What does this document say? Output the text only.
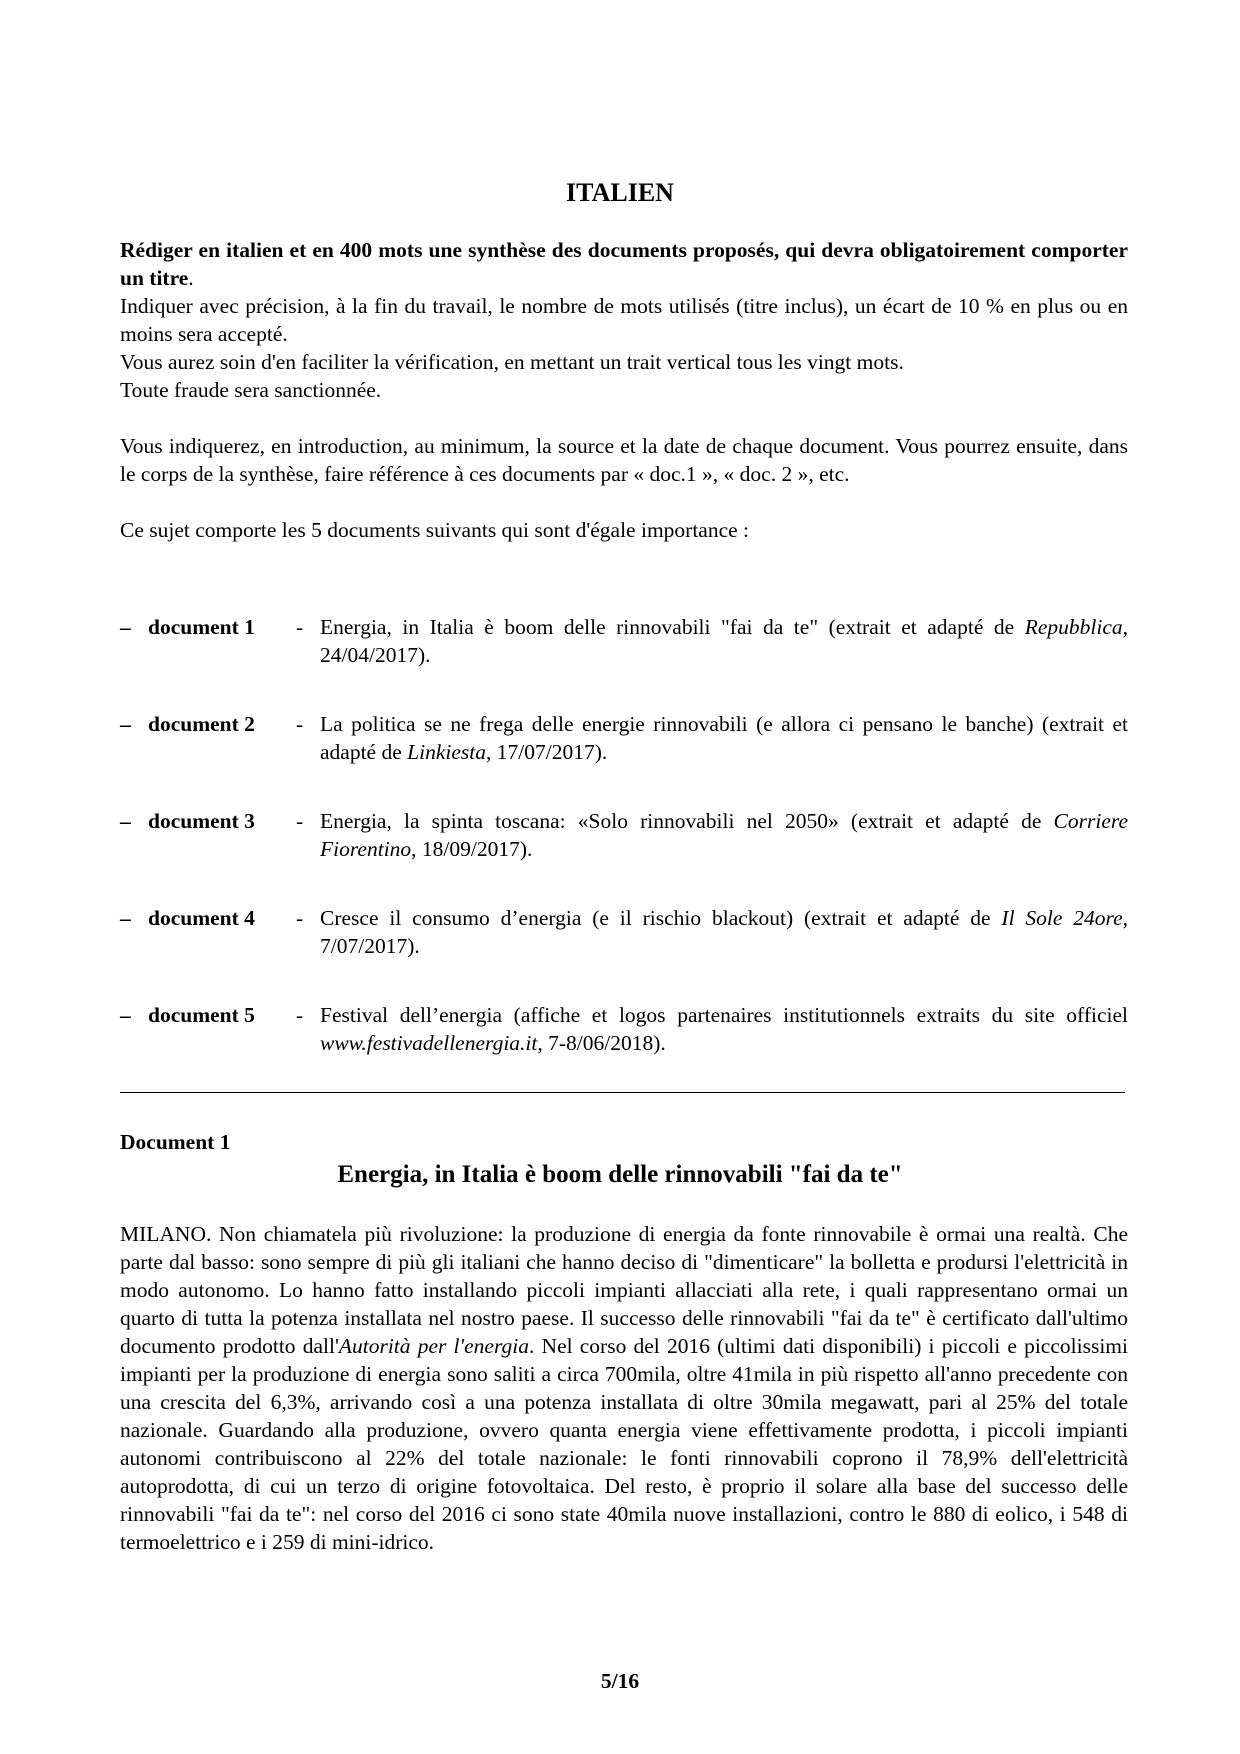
ITALIEN

Rédiger en italien et en 400 mots une synthèse des documents proposés, qui devra obligatoirement comporter un titre.

Indiquer avec précision, à la fin du travail, le nombre de mots utilisés (titre inclus), un écart de 10 % en plus ou en moins sera accepté.

Vous aurez soin d'en faciliter la vérification, en mettant un trait vertical tous les vingt mots.

Toute fraude sera sanctionnée.

Vous indiquerez, en introduction, au minimum, la source et la date de chaque document. Vous pourrez ensuite, dans le corps de la synthèse, faire référence à ces documents par « doc.1 », « doc. 2 », etc.

Ce sujet comporte les 5 documents suivants qui sont d'égale importance :

– document 1	- Energia, in Italia è boom delle rinnovabili "fai da te" (extrait et adapté de Repubblica, 24/04/2017).
– document 2	- La politica se ne frega delle energie rinnovabili (e allora ci pensano le banche) (extrait et adapté de Linkiesta, 17/07/2017).
– document 3	- Energia, la spinta toscana: «Solo rinnovabili nel 2050» (extrait et adapté de Corriere Fiorentino, 18/09/2017).
– document 4	- Cresce il consumo d’energia (e il rischio blackout) (extrait et adapté de Il Sole 24ore, 7/07/2017).
– document 5	- Festival dell’energia (affiche et logos partenaires institutionnels extraits du site officiel www.festivadellenergia.it, 7-8/06/2018).

Document 1

Energia, in Italia è boom delle rinnovabili "fai da te"

MILANO. Non chiamatela più rivoluzione: la produzione di energia da fonte rinnovabile è ormai una realtà. Che parte dal basso: sono sempre di più gli italiani che hanno deciso di "dimenticare" la bolletta e prodursi l'elettricità in modo autonomo. Lo hanno fatto installando piccoli impianti allacciati alla rete, i quali rappresentano ormai un quarto di tutta la potenza installata nel nostro paese. Il successo delle rinnovabili "fai da te" è certificato dall'ultimo documento prodotto dall'Autorità per l'energia. Nel corso del 2016 (ultimi dati disponibili) i piccoli e piccolissimi impianti per la produzione di energia sono saliti a circa 700mila, oltre 41mila in più rispetto all'anno precedente con una crescita del 6,3%, arrivando così a una potenza installata di oltre 30mila megawatt, pari al 25% del totale nazionale. Guardando alla produzione, ovvero quanta energia viene effettivamente prodotta, i piccoli impianti autonomi contribuiscono al 22% del totale nazionale: le fonti rinnovabili coprono il 78,9% dell'elettricità autoprodotta, di cui un terzo di origine fotovoltaica. Del resto, è proprio il solare alla base del successo delle rinnovabili "fai da te": nel corso del 2016 ci sono state 40mila nuove installazioni, contro le 880 di eolico, i 548 di termoelettrico e i 259 di mini-idrico.

5/16
